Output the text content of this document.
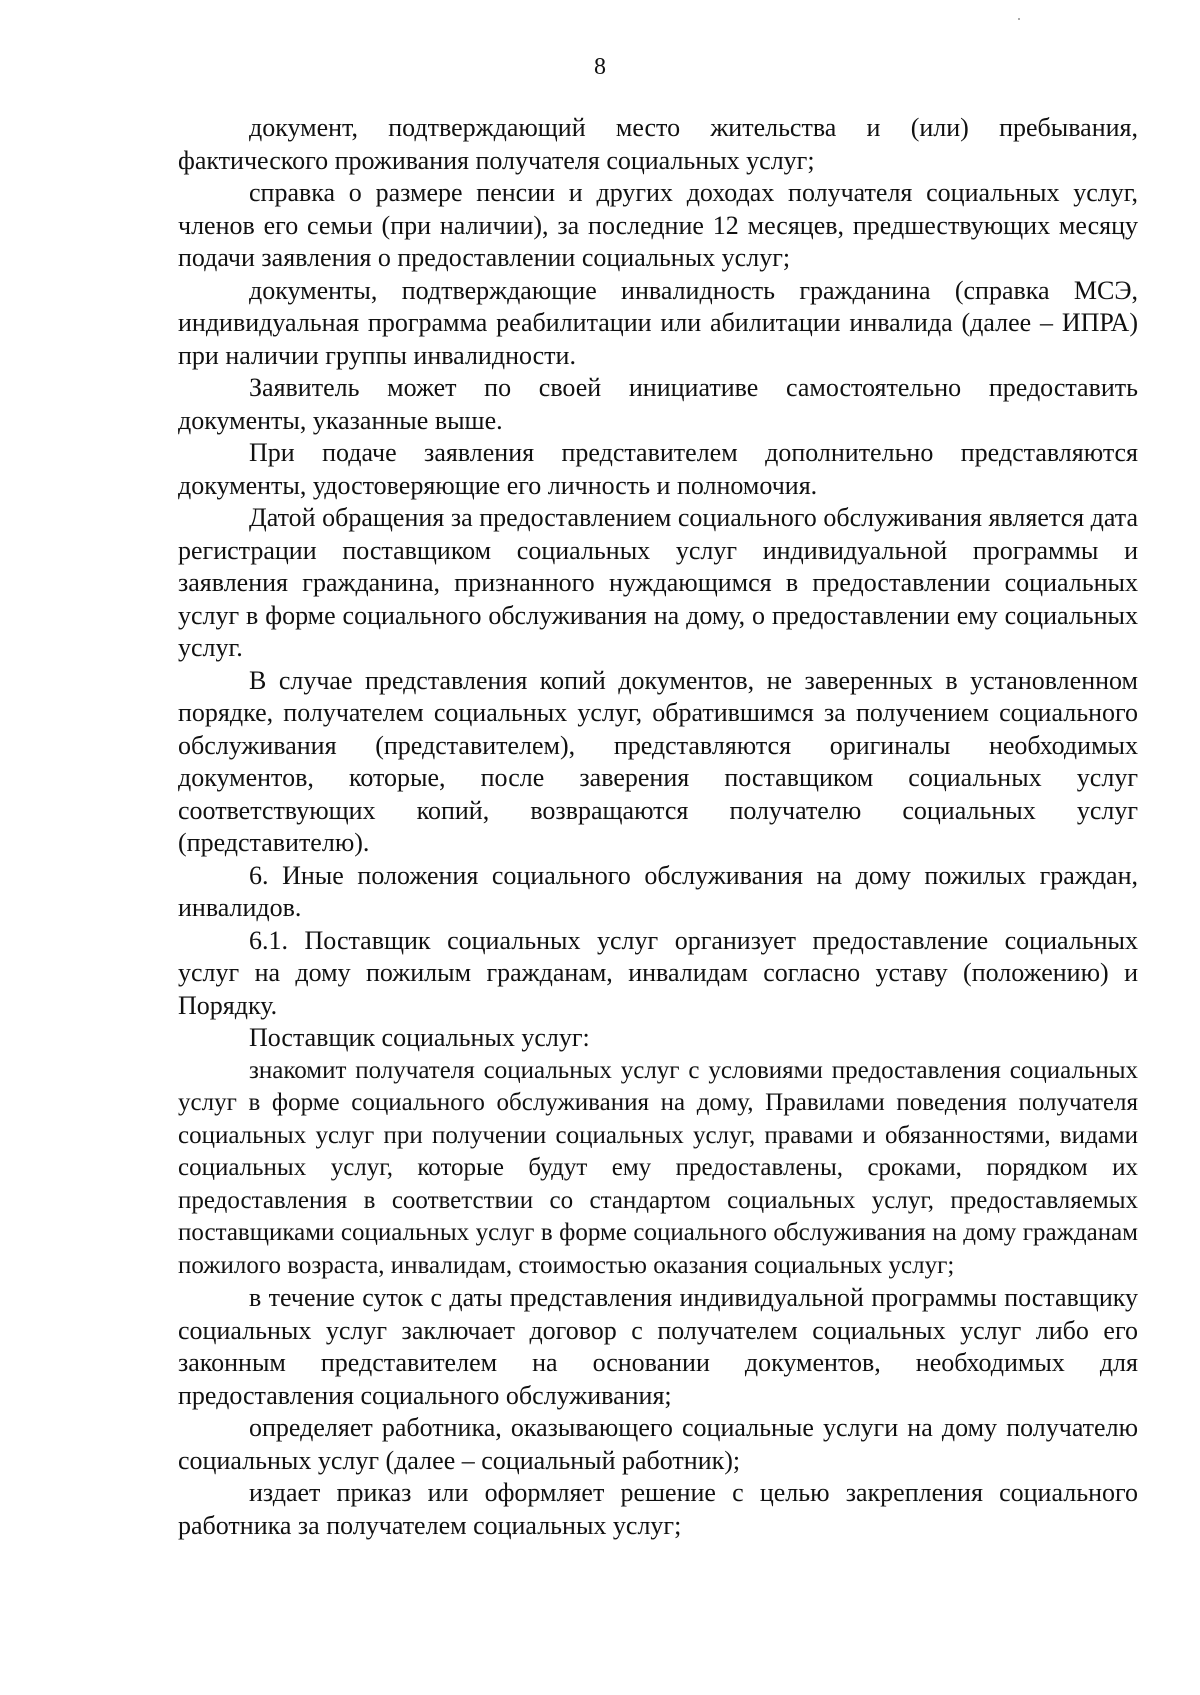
8

документ, подтверждающий место жительства и (или) пребывания, фактического проживания получателя социальных услуг;

справка о размере пенсии и других доходах получателя социальных услуг, членов его семьи (при наличии), за последние 12 месяцев, предшествующих месяцу подачи заявления о предоставлении социальных услуг;

документы, подтверждающие инвалидность гражданина (справка МСЭ, индивидуальная программа реабилитации или абилитации инвалида (далее – ИПРА) при наличии группы инвалидности.

Заявитель может по своей инициативе самостоятельно предоставить документы, указанные выше.

При подаче заявления представителем дополнительно представляются документы, удостоверяющие его личность и полномочия.

Датой обращения за предоставлением социального обслуживания является дата регистрации поставщиком социальных услуг индивидуальной программы и заявления гражданина, признанного нуждающимся в предоставлении социальных услуг в форме социального обслуживания на дому, о предоставлении ему социальных услуг.

В случае представления копий документов, не заверенных в установленном порядке, получателем социальных услуг, обратившимся за получением социального обслуживания (представителем), представляются оригиналы необходимых документов, которые, после заверения поставщиком социальных услуг соответствующих копий, возвращаются получателю социальных услуг (представителю).

6. Иные положения социального обслуживания на дому пожилых граждан, инвалидов.

6.1. Поставщик социальных услуг организует предоставление социальных услуг на дому пожилым гражданам, инвалидам согласно уставу (положению) и Порядку.

Поставщик социальных услуг:

знакомит получателя социальных услуг с условиями предоставления социальных услуг в форме социального обслуживания на дому, Правилами поведения получателя социальных услуг при получении социальных услуг, правами и обязанностями, видами социальных услуг, которые будут ему предоставлены, сроками, порядком их предоставления в соответствии со стандартом социальных услуг, предоставляемых поставщиками социальных услуг в форме социального обслуживания на дому гражданам пожилого возраста, инвалидам, стоимостью оказания социальных услуг;

в течение суток с даты представления индивидуальной программы поставщику социальных услуг заключает договор с получателем социальных услуг либо его законным представителем на основании документов, необходимых для предоставления социального обслуживания;

определяет работника, оказывающего социальные услуги на дому получателю социальных услуг (далее – социальный работник);

издает приказ или оформляет решение с целью закрепления социального работника за получателем социальных услуг;
